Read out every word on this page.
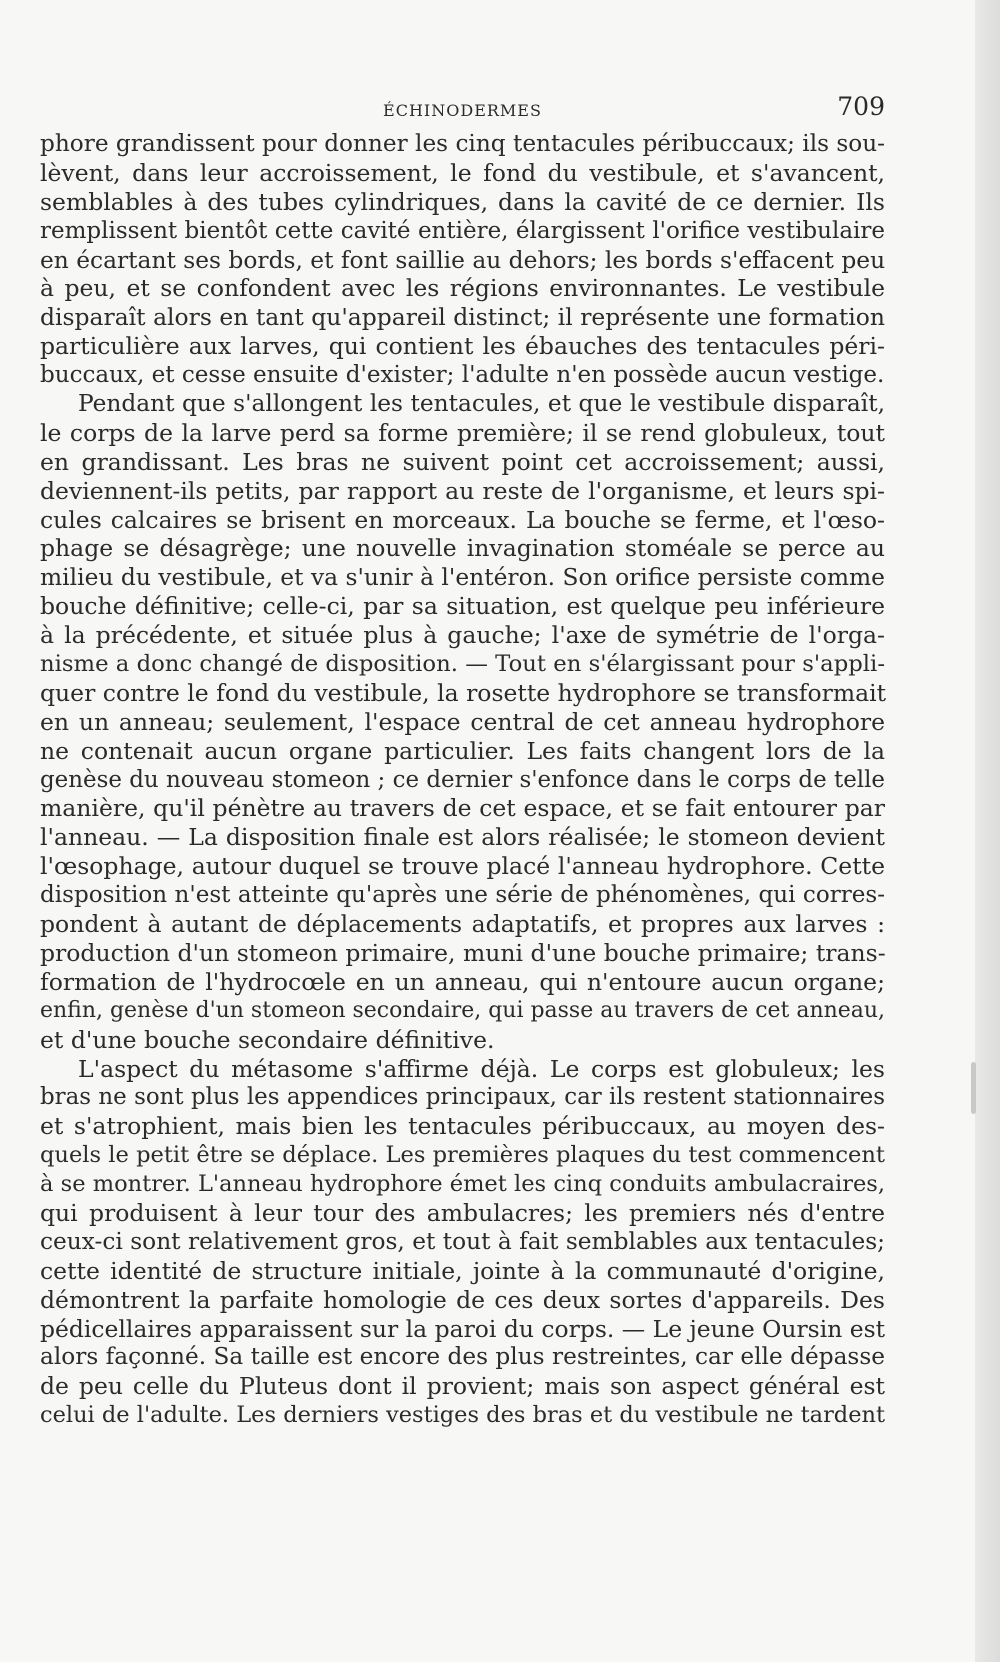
ÉCHINODERMES	709
phore grandissent pour donner les cinq tentacules péribuccaux; ils sou-
lèvent, dans leur accroissement, le fond du vestibule, et s'avancent,
semblables à des tubes cylindriques, dans la cavité de ce dernier. Ils
remplissent bientôt cette cavité entière, élargissent l'orifice vestibulaire
en écartant ses bords, et font saillie au dehors; les bords s'effacent peu
à peu, et se confondent avec les régions environnantes. Le vestibule
disparaît alors en tant qu'appareil distinct; il représente une formation
particulière aux larves, qui contient les ébauches des tentacules péri-
buccaux, et cesse ensuite d'exister; l'adulte n'en possède aucun vestige.
Pendant que s'allongent les tentacules, et que le vestibule disparaît,
le corps de la larve perd sa forme première; il se rend globuleux, tout
en grandissant. Les bras ne suivent point cet accroissement; aussi,
deviennent-ils petits, par rapport au reste de l'organisme, et leurs spi-
cules calcaires se brisent en morceaux. La bouche se ferme, et l'œso-
phage se désagrège; une nouvelle invagination stoméale se perce au
milieu du vestibule, et va s'unir à l'entéron. Son orifice persiste comme
bouche définitive; celle-ci, par sa situation, est quelque peu inférieure
à la précédente, et située plus à gauche; l'axe de symétrie de l'orga-
nisme a donc changé de disposition. — Tout en s'élargissant pour s'appli-
quer contre le fond du vestibule, la rosette hydrophore se transformait
en un anneau; seulement, l'espace central de cet anneau hydrophore
ne contenait aucun organe particulier. Les faits changent lors de la
genèse du nouveau stomeon ; ce dernier s'enfonce dans le corps de telle
manière, qu'il pénètre au travers de cet espace, et se fait entourer par
l'anneau. — La disposition finale est alors réalisée; le stomeon devient
l'œsophage, autour duquel se trouve placé l'anneau hydrophore. Cette
disposition n'est atteinte qu'après une série de phénomènes, qui corres-
pondent à autant de déplacements adaptatifs, et propres aux larves :
production d'un stomeon primaire, muni d'une bouche primaire; trans-
formation de l'hydrocœle en un anneau, qui n'entoure aucun organe;
enfin, genèse d'un stomeon secondaire, qui passe au travers de cet anneau,
et d'une bouche secondaire définitive.
L'aspect du métasome s'affirme déjà. Le corps est globuleux; les
bras ne sont plus les appendices principaux, car ils restent stationnaires
et s'atrophient, mais bien les tentacules péribuccaux, au moyen des-
quels le petit être se déplace. Les premières plaques du test commencent
à se montrer. L'anneau hydrophore émet les cinq conduits ambulacraires,
qui produisent à leur tour des ambulacres; les premiers nés d'entre
ceux-ci sont relativement gros, et tout à fait semblables aux tentacules;
cette identité de structure initiale, jointe à la communauté d'origine,
démontrent la parfaite homologie de ces deux sortes d'appareils. Des
pédicellaires apparaissent sur la paroi du corps. — Le jeune Oursin est
alors façonné. Sa taille est encore des plus restreintes, car elle dépasse
de peu celle du Pluteus dont il provient; mais son aspect général est
celui de l'adulte. Les derniers vestiges des bras et du vestibule ne tardent
